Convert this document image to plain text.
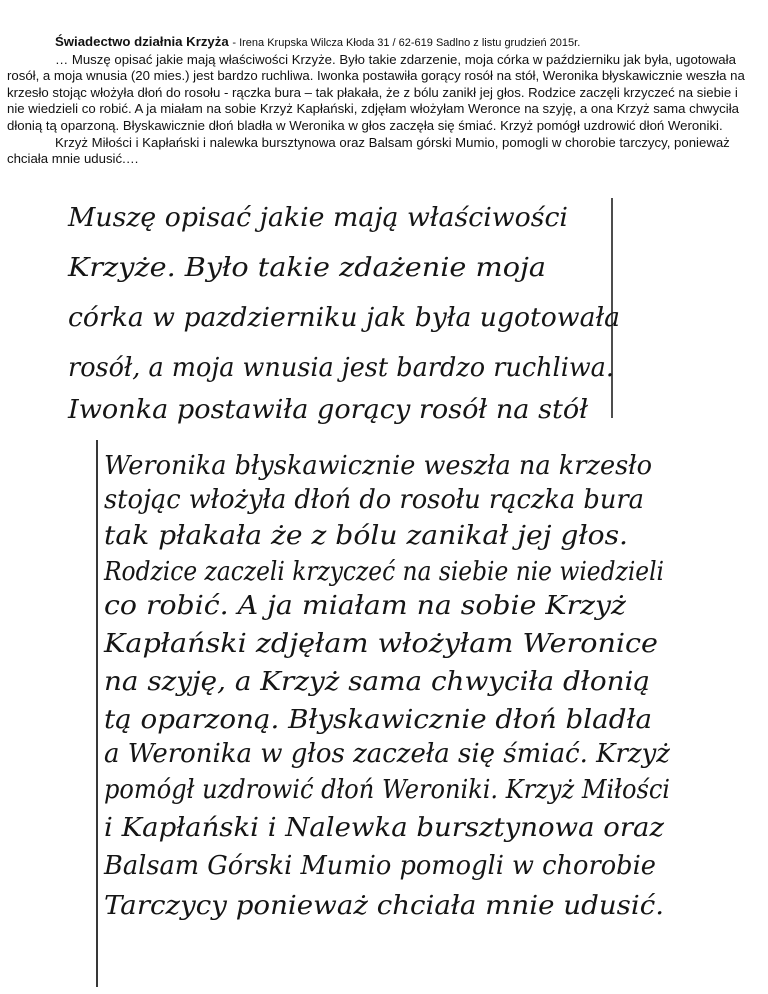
Świadectwo działnia Krzyża - Irena Krupska Wilcza Kłoda 31 / 62-619 Sadlno z listu grudzień 2015r.

… Muszę opisać jakie mają właściwości Krzyże. Było takie zdarzenie, moja córka w październiku jak była, ugotowała rosół, a moja wnusia (20 mies.) jest bardzo ruchliwa. Iwonka postawiła gorący rosół na stół, Weronika błyskawicznie weszła na krzesło stojąc włożyła dłoń do rosołu - rączka bura – tak płakała, że z bólu zanikł jej głos. Rodzice zaczęli krzyczeć na siebie i nie wiedzieli co robić. A ja miałam na sobie Krzyż Kapłański, zdjęłam włożyłam Weronce na szyję, a ona Krzyż sama chwyciła dłonią tą oparzoną. Błyskawicznie dłoń bladła w Weronika w głos zaczęła się śmiać. Krzyż pomógł uzdrowić dłoń Weroniki.

Krzyż Miłości i Kapłański i nalewka bursztynowa oraz Balsam górski Mumio, pomogli w chorobie tarczycy, ponieważ chciała mnie udusić.…

Muszę opisać jakie mają właściwości
Krzyże. Było takie zdażenie moja
córka w pazdzierniku jak była ugotowała
rosół, a moja wnusia jest bardzo ruchliwa.
Iwonka postawiła gorący rosół na stół
Weronika błyskawicznie weszła na krzesło
stojąc włożyła dłoń do rosołu rączka bura
tak płakała że z bólu zanikał jej głos.
Rodzice zaczeli krzyczeć na siebie nie wiedzieli
co robić. A ja miałam na sobie Krzyż
Kapłański zdjęłam włożyłam Weronice
na szyję, a Krzyż sama chwyciła dłonią
tą oparzoną. Błyskawicznie dłoń bladła
a Weronika w głos zaczeła się śmiać. Krzyż
pomógł uzdrowić dłoń Weroniki. Krzyż Miłości
i Kapłański i Nalewka bursztynowa oraz
Balsam Górski Mumio pomogli w chorobie
Tarczycy ponieważ chciała mnie udusić.
